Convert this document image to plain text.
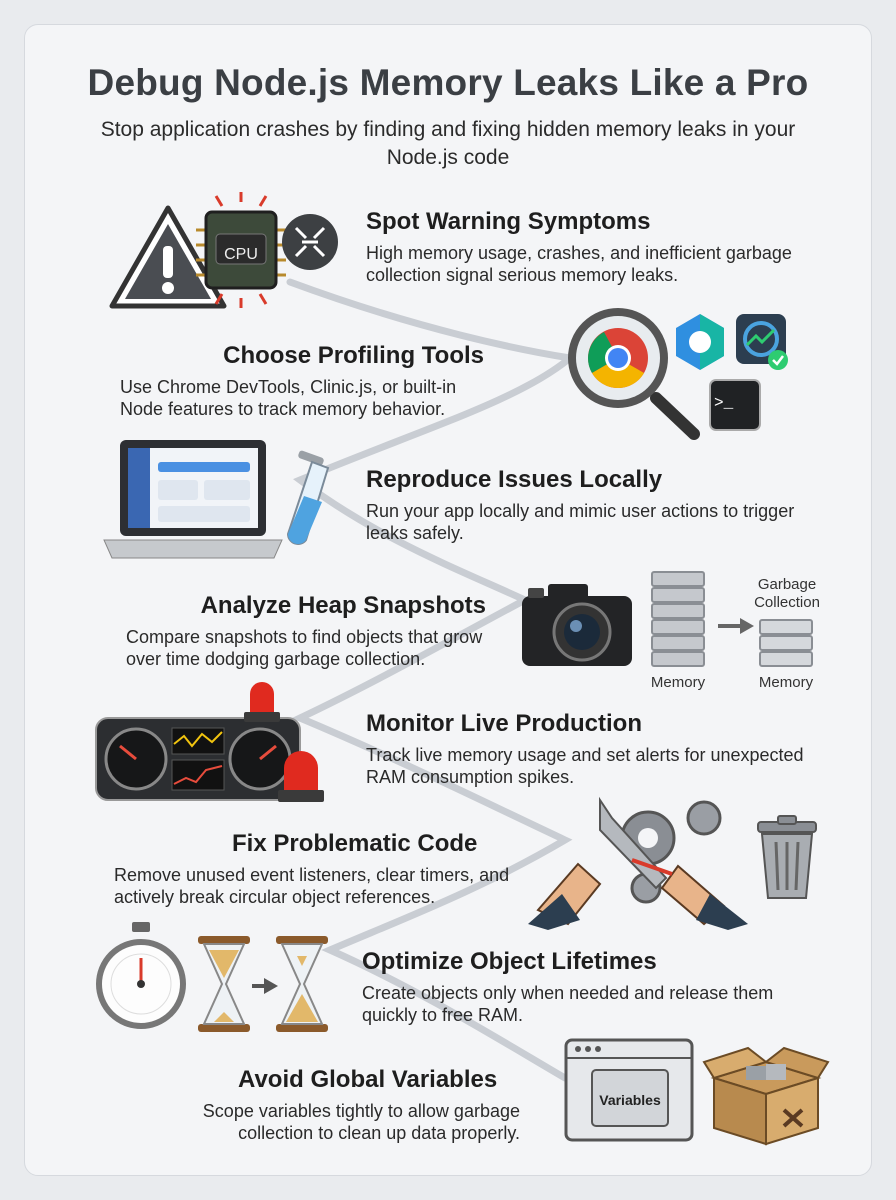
Debug Node.js Memory Leaks Like a Pro
Stop application crashes by finding and fixing hidden memory leaks in your Node.js code
CPU
Spot Warning Symptoms

High memory usage, crashes, and inefficient garbage collection signal serious memory leaks.

Choose Profiling Tools

Use Chrome DevTools, Clinic.js, or built-in Node features to track memory behavior.	>_
Reproduce Issues Locally

Run your app locally and mimic user actions to trigger leaks safely.

Analyze Heap Snapshots

Compare snapshots to find objects that grow over time dodging garbage collection.

Garbage Collection
Memory	Memory
Monitor Live Production

Track live memory usage and set alerts for unexpected RAM consumption spikes.

Fix Problematic Code

Remove unused event listeners, clear timers, and actively break circular object references.

Optimize Object Lifetimes

Create objects only when needed and release them quickly to free RAM.

Avoid Global Variables

Scope variables tightly to allow garbage collection to clean up data properly.

Variables
